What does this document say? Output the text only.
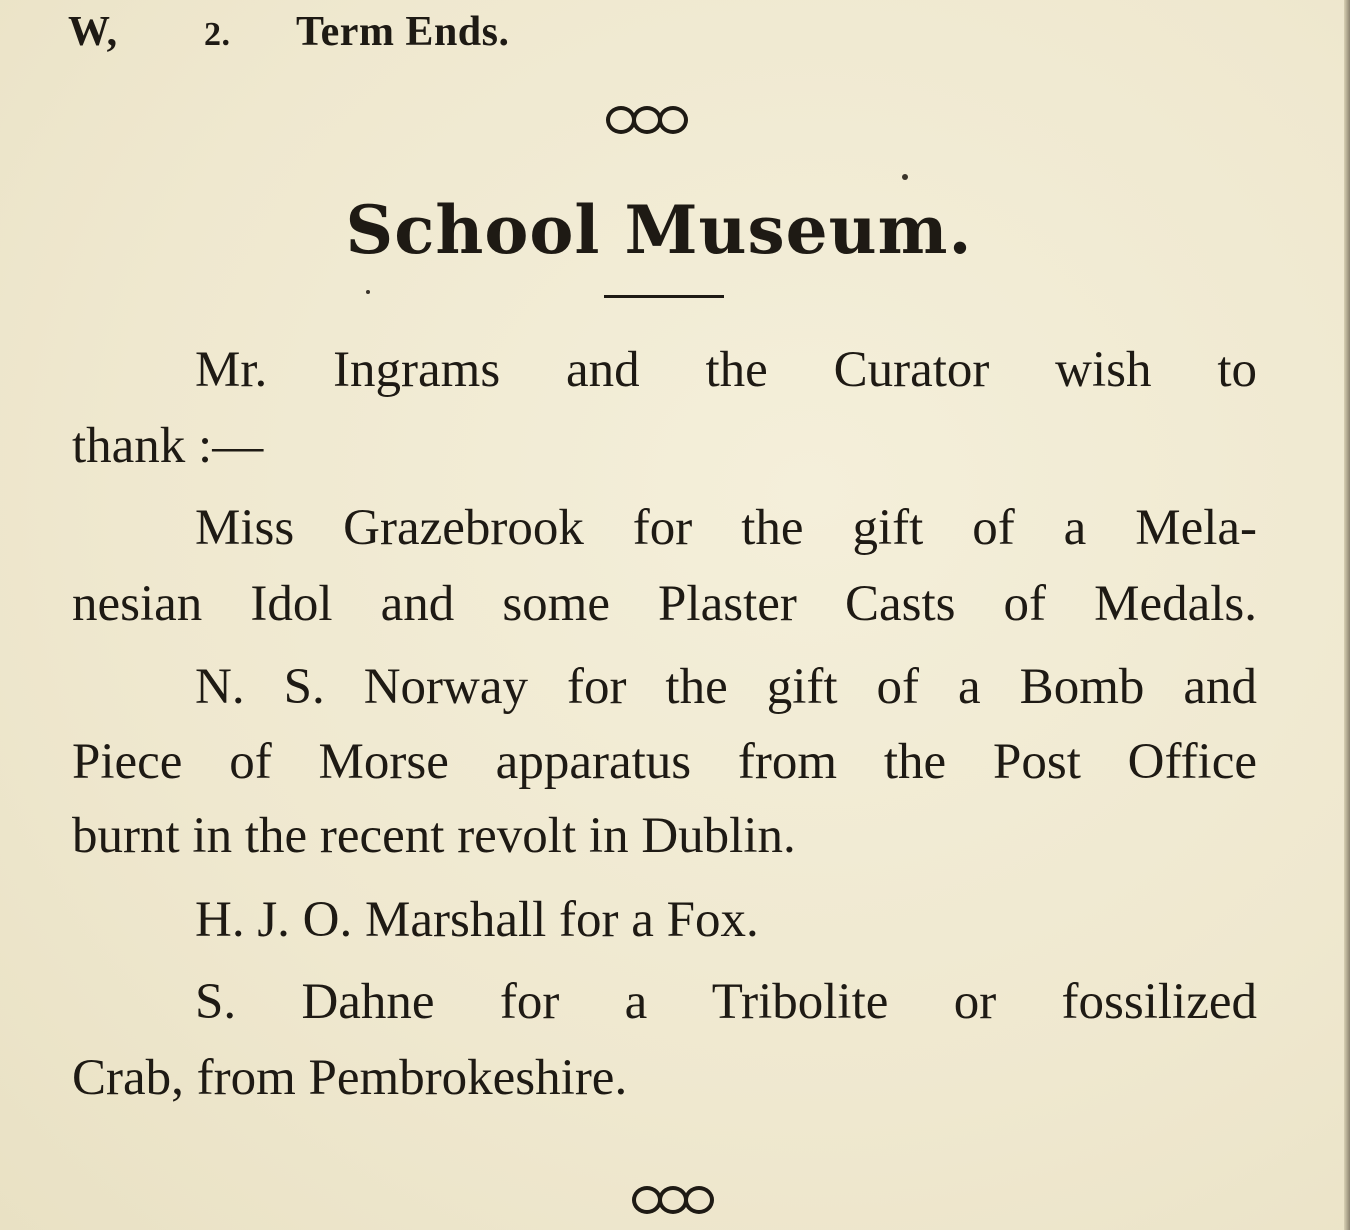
W,	2. Term Ends.
School Museum.
Mr. Ingrams and the Curator wish to
thank :—
Miss Grazebrook for the gift of a Mela-
nesian Idol and some Plaster Casts of Medals.
N. S. Norway for the gift of a Bomb and
Piece of Morse apparatus from the Post Office
burnt in the recent revolt in Dublin.
H. J. O. Marshall for a Fox.
S. Dahne for a Tribolite or fossilized
Crab, from Pembrokeshire.
